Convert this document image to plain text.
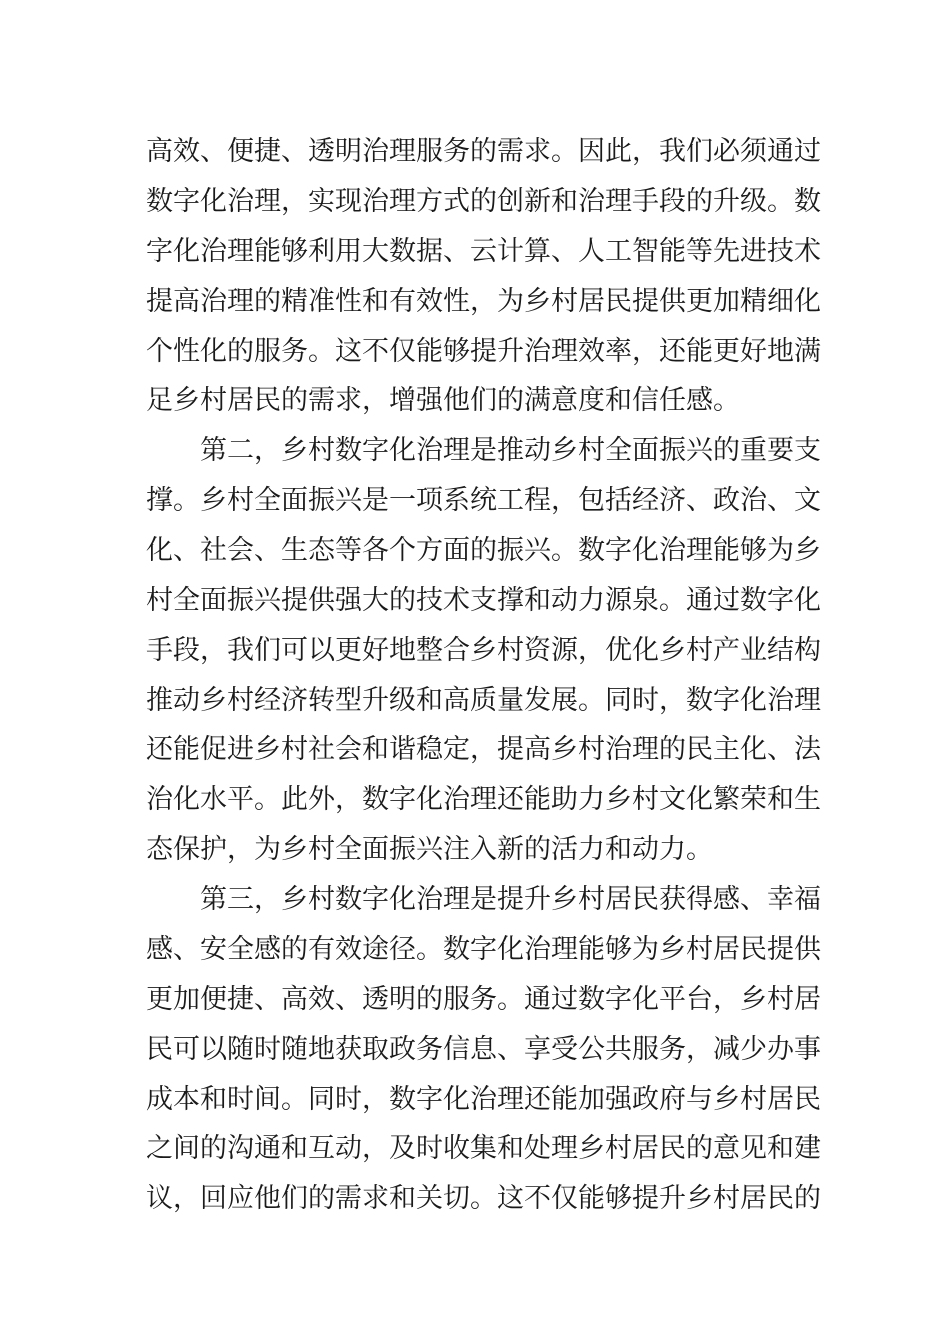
高效、便捷、透明治理服务的需求。因此，我们必须通过
数字化治理，实现治理方式的创新和治理手段的升级。数
字化治理能够利用大数据、云计算、人工智能等先进技术
提高治理的精准性和有效性，为乡村居民提供更加精细化
个性化的服务。这不仅能够提升治理效率，还能更好地满
足乡村居民的需求，增强他们的满意度和信任感。
第二，乡村数字化治理是推动乡村全面振兴的重要支
撑。乡村全面振兴是一项系统工程，包括经济、政治、文
化、社会、生态等各个方面的振兴。数字化治理能够为乡
村全面振兴提供强大的技术支撑和动力源泉。通过数字化
手段，我们可以更好地整合乡村资源，优化乡村产业结构
推动乡村经济转型升级和高质量发展。同时，数字化治理
还能促进乡村社会和谐稳定，提高乡村治理的民主化、法
治化水平。此外，数字化治理还能助力乡村文化繁荣和生
态保护，为乡村全面振兴注入新的活力和动力。
第三，乡村数字化治理是提升乡村居民获得感、幸福
感、安全感的有效途径。数字化治理能够为乡村居民提供
更加便捷、高效、透明的服务。通过数字化平台，乡村居
民可以随时随地获取政务信息、享受公共服务，减少办事
成本和时间。同时，数字化治理还能加强政府与乡村居民
之间的沟通和互动，及时收集和处理乡村居民的意见和建
议，回应他们的需求和关切。这不仅能够提升乡村居民的
